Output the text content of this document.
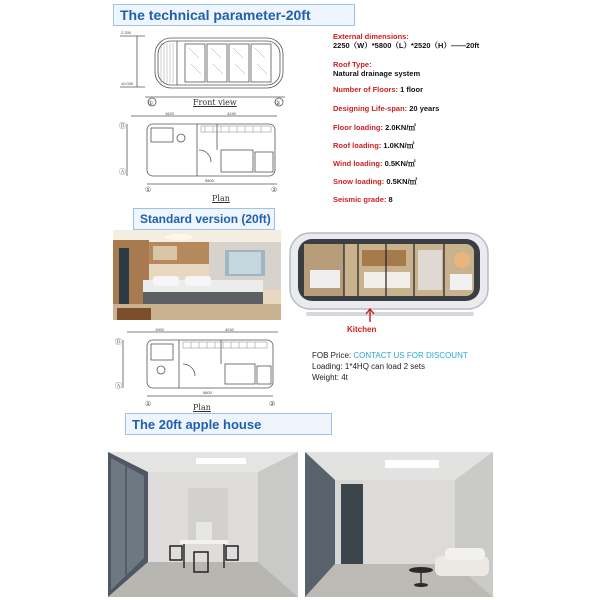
The technical parameter-20ft
2.330
±0.000
①	②
Front view
1620	4240
5800
Ⓑ
Ⓐ
①	②
Plan
External dimensions:
2250（W）*5800（L）*2520（H）——20ft
Roof Type:
Natural drainage system
Number of Floors: 1 floor
Designing Life-span: 20 years
Floor loading: 2.0KN/㎡
Roof loading: 1.0KN/㎡
Wind loading: 0.5KN/㎡
Snow loading: 0.5KN/㎡
Seismic grade: 8
Standard version (20ft)
Kitchen
1000	4240
5800
Ⓑ
Ⓐ
①	②
Plan
FOB Price: CONTACT US FOR DISCOUNT
Loading: 1*4HQ can load 2 sets
Weight: 4t
The 20ft apple house
